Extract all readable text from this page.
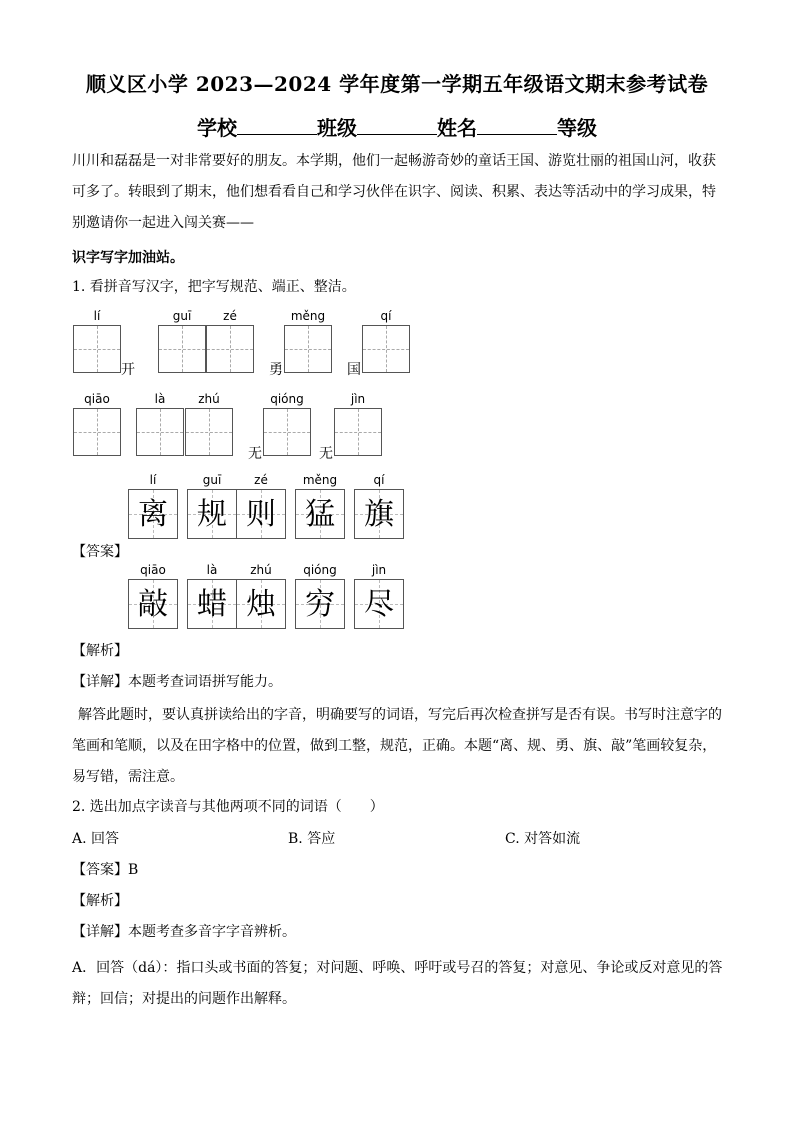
顺义区小学 2023—2024 学年度第一学期五年级语文期末参考试卷
学校	班级	姓名	等级
川川和磊磊是一对非常要好的朋友。本学期，他们一起畅游奇妙的童话王国、游览壮丽的祖国山河，收获可多了。转眼到了期末，他们想看看自己和学习伙伴在识字、阅读、积累、表达等活动中的学习成果，特别邀请你一起进入闯关赛——
识字写字加油站。
1. 看拼音写汉字，把字写规范、端正、整洁。
lí	guī	zé	měng	qí
开	勇	国
qiāo	là	zhú	qióng	jìn
无	无
【答案】
lí	guī	zé	měng	qí
离 规 则 猛 旗
qiāo	là	zhú	qióng	jìn
敲 蜡 烛 穷 尽
【解析】
【详解】本题考查词语拼写能力。
解答此题时，要认真拼读给出的字音，明确要写的词语，写完后再次检查拼写是否有误。书写时注意字的笔画和笔顺，以及在田字格中的位置，做到工整，规范，正确。本题“离、规、勇、旗、敲”笔画较复杂，易写错，需注意。
2. 选出加点字读音与其他两项不同的词语（　　）
A. 回答	B. 答应	C. 对答如流
【答案】B
【解析】
【详解】本题考查多音字字音辨析。
A．回答（dá）：指口头或书面的答复；对问题、呼唤、呼吁或号召的答复；对意见、争论或反对意见的答辩；回信；对提出的问题作出解释。
